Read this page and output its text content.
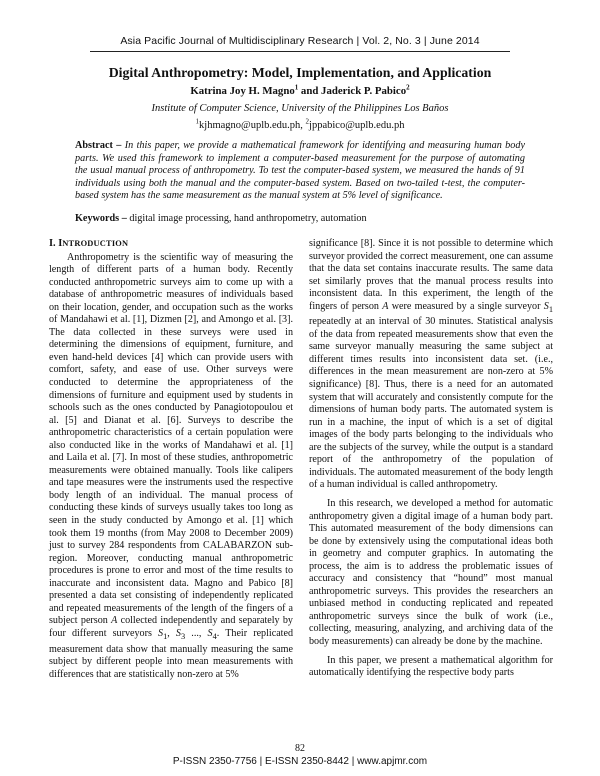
Asia Pacific Journal of Multidisciplinary Research | Vol. 2, No. 3 | June 2014
Digital Anthropometry: Model, Implementation, and Application
Katrina Joy H. Magno$^1$ and Jaderick P. Pabico$^2$
Institute of Computer Science, University of the Philippines Los Baños
$^1$kjhmagno@uplb.edu.ph, $^2$jppabico@uplb.edu.ph
Abstract – In this paper, we provide a mathematical framework for identifying and measuring human body parts. We used this framework to implement a computer-based measurement for the purpose of automating the usual manual process of anthropometry. To test the computer-based system, we measured the hands of 91 individuals using both the manual and the computer-based system. Based on two-tailed t-test, the computer-based system has the same measurement as the manual system at 5% level of significance.
Keywords – digital image processing, hand anthropometry, automation
I. INTRODUCTION

Anthropometry is the scientific way of measuring the length of different parts of a human body. Recently conducted anthropometric surveys aim to come up with a database of anthropometric measures of individuals based on their location, gender, and occupation such as the works of Mandahawi et al. [1], Dizmen [2], and Amongo et al. [3]. The data collected in these surveys were used in determining the dimensions of equipment, furniture, and even hand-held devices [4] which can provide users with comfort, safety, and ease of use. Other surveys were conducted to determine the appropriateness of the dimensions of furniture and equipment used by students in schools such as the ones conducted by Panagiotopoulou et al. [5] and Dianat et al. [6]. Surveys to describe the anthropometric characteristics of a certain population were also conducted like in the works of Mandahawi et al. [1] and Laila et al. [7]. In most of these studies, anthropometric measurements were obtained manually. Tools like calipers and tape measures were the instruments used the respective body length of an individual. The manual process of conducting these kinds of surveys usually takes too long as seen in the study conducted by Amongo et al. [1] which took them 19 months (from May 2008 to December 2009) just to survey 284 respondents from CALABARZON sub-region. Moreover, conducting manual anthropometric procedures is prone to error and most of the time results to inaccurate and inconsistent data. Magno and Pabico [8] presented a data set consisting of independently replicated and repeated measurements of the length of the fingers of a subject person A collected independently and separately by four different surveyors $S_1$, $S_3$ ..., $S_4$. Their replicated measurement data show that manually measuring the same subject by different people into mean measurements with differences that are statistically non-zero at 5%

significance [8]. Since it is not possible to determine which surveyor provided the correct measurement, one can assume that the data set contains inaccurate results. The same data set similarly proves that the manual process results into inconsistent data. In this experiment, the length of the fingers of person A were measured by a single surveyor $S_1$ repeatedly at an interval of 30 minutes. Statistical analysis of the data from repeated measurements show that even the same surveyor manually measuring the same subject at different times results into inconsistent data set. (i.e., differences in the mean measurement are non-zero at 5% significance) [8]. Thus, there is a need for an automated system that will accurately and consistently compute for the dimensions of human body parts. The automated system is run in a machine, the input of which is a set of digital images of the body parts belonging to the individuals who are the subjects of the survey, while the output is a standard report of the anthropometry of the population of individuals. The automated measurement of the body length of a human individual is called anthropometry.

In this research, we developed a method for automatic anthropometry given a digital image of a human body part. This automated measurement of the body dimensions can be done by extensively using the computational ideas both in geometry and computer graphics. In automating the process, the aim is to address the problematic issues of accuracy and consistency that “hound” most manual anthropometric surveys. This provides the researchers an unbiased method in conducting replicated and repeated anthropometric surveys since the bulk of work (i.e., collecting, measuring, analyzing, and archiving data of the body measurements) can already be done by the machine.

In this paper, we present a mathematical algorithm for automatically identifying the respective body parts

82
P-ISSN 2350-7756 | E-ISSN 2350-8442 | www.apjmr.com
